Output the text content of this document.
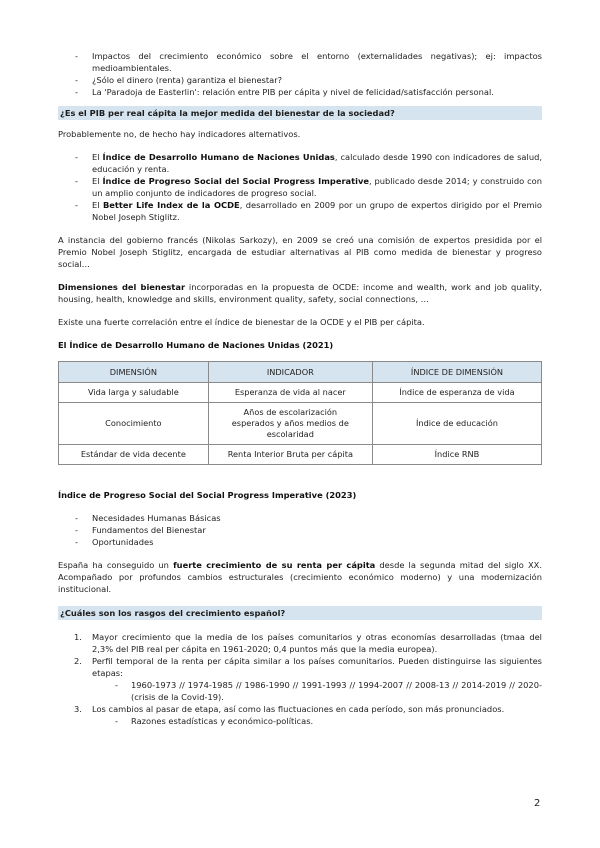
- Impactos del crecimiento económico sobre el entorno (externalidades negativas); ej: impactos medioambientales.
- ¿Sólo el dinero (renta) garantiza el bienestar?
- La 'Paradoja de Easterlin': relación entre PIB per cápita y nivel de felicidad/satisfacción personal.
¿Es el PIB per real cápita la mejor medida del bienestar de la sociedad?

Probablemente no, de hecho hay indicadores alternativos.

- El Índice de Desarrollo Humano de Naciones Unidas, calculado desde 1990 con indicadores de salud, educación y renta.
- El Índice de Progreso Social del Social Progress Imperative, publicado desde 2014; y construido con un amplio conjunto de indicadores de progreso social.
- El Better Life Index de la OCDE, desarrollado en 2009 por un grupo de expertos dirigido por el Premio Nobel Joseph Stiglitz.

A instancia del gobierno francés (Nikolas Sarkozy), en 2009 se creó una comisión de expertos presidida por el Premio Nobel Joseph Stiglitz, encargada de estudiar alternativas al PIB como medida de bienestar y progreso social…

Dimensiones del bienestar incorporadas en la propuesta de OCDE: income and wealth, work and job quality, housing, health, knowledge and skills, environment quality, safety, social connections, …

Existe una fuerte correlación entre el índice de bienestar de la OCDE y el PIB per cápita.

El Índice de Desarrollo Humano de Naciones Unidas (2021)

DIMENSIÓN	INDICADOR	ÍNDICE DE DIMENSIÓN
Vida larga y saludable	Esperanza de vida al nacer	Índice de esperanza de vida
Conocimiento	Años de escolarización esperados y años medios de escolaridad	Índice de educación
Estándar de vida decente	Renta Interior Bruta per cápita	Índice RNB

Índice de Progreso Social del Social Progress Imperative (2023)

- Necesidades Humanas Básicas
- Fundamentos del Bienestar
- Oportunidades

España ha conseguido un fuerte crecimiento de su renta per cápita desde la segunda mitad del siglo XX. Acompañado por profundos cambios estructurales (crecimiento económico moderno) y una modernización institucional.

¿Cuáles son los rasgos del crecimiento español?
1. Mayor crecimiento que la media de los países comunitarios y otras economías desarrolladas (tmaa del 2,3% del PIB real per cápita en 1961-2020; 0,4 puntos más que la media europea).
2. Perfil temporal de la renta per cápita similar a los países comunitarios. Pueden distinguirse las siguientes etapas:
- 1960-1973 // 1974-1985 // 1986-1990 // 1991-1993 // 1994-2007 // 2008-13 // 2014-2019 // 2020-(crisis de la Covid-19).
3. Los cambios al pasar de etapa, así como las fluctuaciones en cada período, son más pronunciados.
- Razones estadísticas y económico-políticas.
2
